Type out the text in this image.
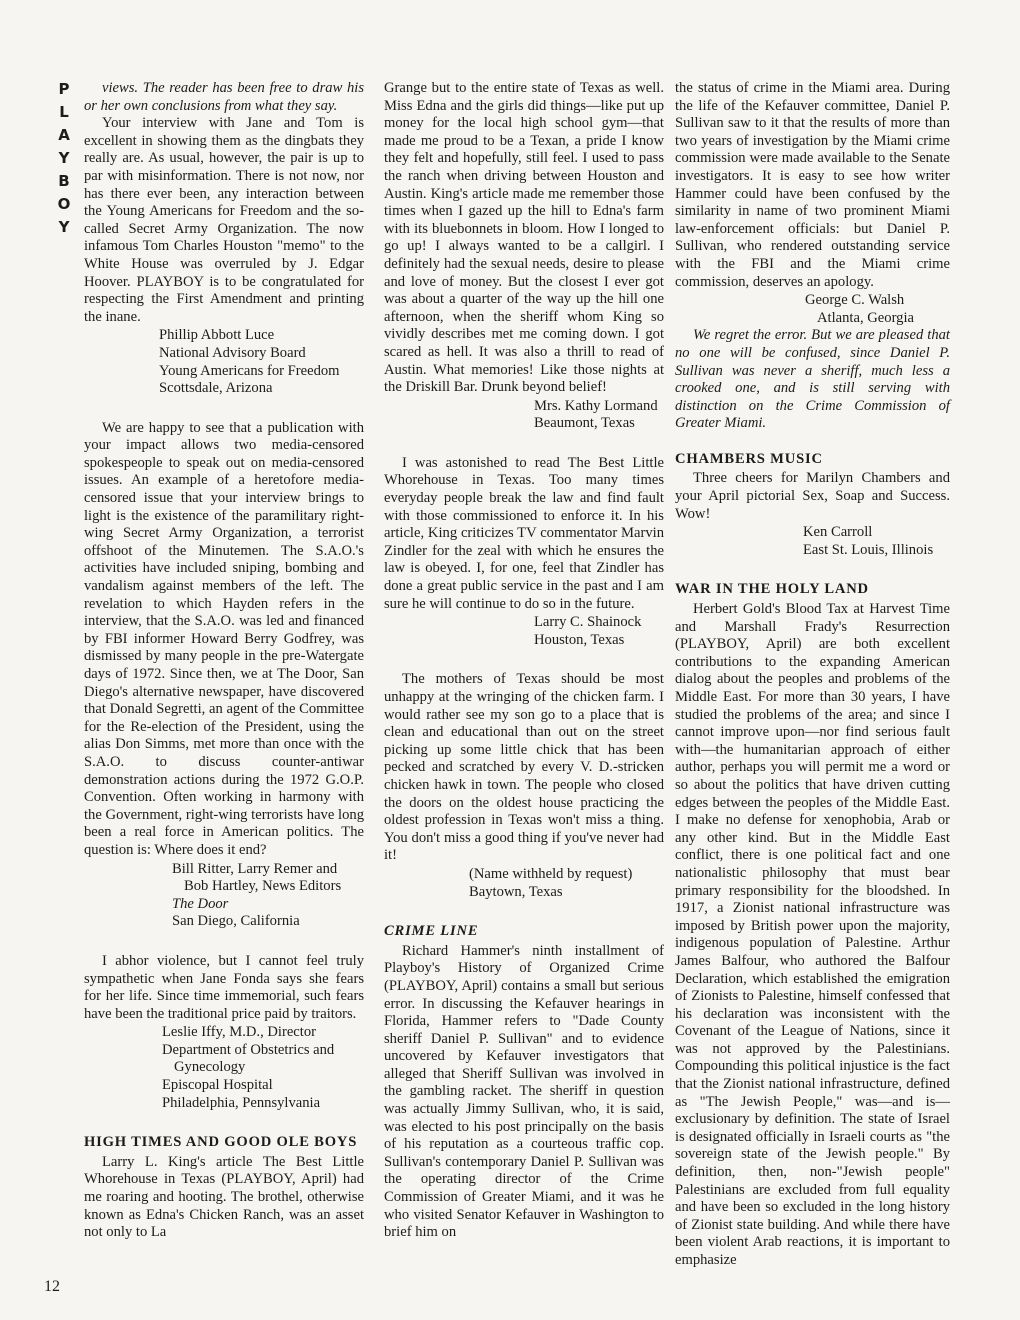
P
L
A
Y
B
O
Y
12

views. The reader has been free to draw his or her own conclusions from what they say.

Your interview with Jane and Tom is excellent in showing them as the dingbats they really are. As usual, however, the pair is up to par with misinformation. There is not now, nor has there ever been, any interaction between the Young Americans for Freedom and the so-called Secret Army Organization. The now infamous Tom Charles Houston "memo" to the White House was overruled by J. Edgar Hoover. PLAYBOY is to be congratulated for respecting the First Amendment and printing the inane.

Phillip Abbott Luce
National Advisory Board
Young Americans for Freedom
Scottsdale, Arizona

We are happy to see that a publication with your impact allows two media-censored spokespeople to speak out on media-censored issues. An example of a heretofore media-censored issue that your interview brings to light is the existence of the paramilitary right-wing Secret Army Organization, a terrorist offshoot of the Minutemen. The S.A.O.'s activities have included sniping, bombing and vandalism against members of the left. The revelation to which Hayden refers in the interview, that the S.A.O. was led and financed by FBI informer Howard Berry Godfrey, was dismissed by many people in the pre-Watergate days of 1972. Since then, we at The Door, San Diego's alternative newspaper, have discovered that Donald Segretti, an agent of the Committee for the Re-election of the President, using the alias Don Simms, met more than once with the S.A.O. to discuss counter-antiwar demonstration actions during the 1972 G.O.P. Convention. Often working in harmony with the Government, right-wing terrorists have long been a real force in American politics. The question is: Where does it end?

Bill Ritter, Larry Remer and
Bob Hartley, News Editors
The Door
San Diego, California

I abhor violence, but I cannot feel truly sympathetic when Jane Fonda says she fears for her life. Since time immemorial, such fears have been the traditional price paid by traitors.

Leslie Iffy, M.D., Director
Department of Obstetrics and
Gynecology
Episcopal Hospital
Philadelphia, Pennsylvania
HIGH TIMES AND GOOD OLE BOYS

Larry L. King's article The Best Little Whorehouse in Texas (PLAYBOY, April) had me roaring and hooting. The brothel, otherwise known as Edna's Chicken Ranch, was an asset not only to La

Grange but to the entire state of Texas as well. Miss Edna and the girls did things—like put up money for the local high school gym—that made me proud to be a Texan, a pride I know they felt and hopefully, still feel. I used to pass the ranch when driving between Houston and Austin. King's article made me remember those times when I gazed up the hill to Edna's farm with its bluebonnets in bloom. How I longed to go up! I always wanted to be a callgirl. I definitely had the sexual needs, desire to please and love of money. But the closest I ever got was about a quarter of the way up the hill one afternoon, when the sheriff whom King so vividly describes met me coming down. I got scared as hell. It was also a thrill to read of Austin. What memories! Like those nights at the Driskill Bar. Drunk beyond belief!

Mrs. Kathy Lormand
Beaumont, Texas

I was astonished to read The Best Little Whorehouse in Texas. Too many times everyday people break the law and find fault with those commissioned to enforce it. In his article, King criticizes TV commentator Marvin Zindler for the zeal with which he ensures the law is obeyed. I, for one, feel that Zindler has done a great public service in the past and I am sure he will continue to do so in the future.

Larry C. Shainock
Houston, Texas

The mothers of Texas should be most unhappy at the wringing of the chicken farm. I would rather see my son go to a place that is clean and educational than out on the street picking up some little chick that has been pecked and scratched by every V. D.-stricken chicken hawk in town. The people who closed the doors on the oldest house practicing the oldest profession in Texas won't miss a thing. You don't miss a good thing if you've never had it!

(Name withheld by request)
Baytown, Texas
CRIME LINE

Richard Hammer's ninth installment of Playboy's History of Organized Crime (PLAYBOY, April) contains a small but serious error. In discussing the Kefauver hearings in Florida, Hammer refers to "Dade County sheriff Daniel P. Sullivan" and to evidence uncovered by Kefauver investigators that alleged that Sheriff Sullivan was involved in the gambling racket. The sheriff in question was actually Jimmy Sullivan, who, it is said, was elected to his post principally on the basis of his reputation as a courteous traffic cop. Sullivan's contemporary Daniel P. Sullivan was the operating director of the Crime Commission of Greater Miami, and it was he who visited Senator Kefauver in Washington to brief him on

the status of crime in the Miami area. During the life of the Kefauver committee, Daniel P. Sullivan saw to it that the results of more than two years of investigation by the Miami crime commission were made available to the Senate investigators. It is easy to see how writer Hammer could have been confused by the similarity in name of two prominent Miami law-enforcement officials: but Daniel P. Sullivan, who rendered outstanding service with the FBI and the Miami crime commission, deserves an apology.

George C. Walsh
Atlanta, Georgia

We regret the error. But we are pleased that no one will be confused, since Daniel P. Sullivan was never a sheriff, much less a crooked one, and is still serving with distinction on the Crime Commission of Greater Miami.

CHAMBERS MUSIC

Three cheers for Marilyn Chambers and your April pictorial Sex, Soap and Success. Wow!

Ken Carroll
East St. Louis, Illinois
WAR IN THE HOLY LAND

Herbert Gold's Blood Tax at Harvest Time and Marshall Frady's Resurrection (PLAYBOY, April) are both excellent contributions to the expanding American dialog about the peoples and problems of the Middle East. For more than 30 years, I have studied the problems of the area; and since I cannot improve upon—nor find serious fault with—the humanitarian approach of either author, perhaps you will permit me a word or so about the politics that have driven cutting edges between the peoples of the Middle East. I make no defense for xenophobia, Arab or any other kind. But in the Middle East conflict, there is one political fact and one nationalistic philosophy that must bear primary responsibility for the bloodshed. In 1917, a Zionist national infrastructure was imposed by British power upon the majority, indigenous population of Palestine. Arthur James Balfour, who authored the Balfour Declaration, which established the emigration of Zionists to Palestine, himself confessed that his declaration was inconsistent with the Covenant of the League of Nations, since it was not approved by the Palestinians. Compounding this political injustice is the fact that the Zionist national infrastructure, defined as "The Jewish People," was—and is—exclusionary by definition. The state of Israel is designated officially in Israeli courts as "the sovereign state of the Jewish people." By definition, then, non-"Jewish people" Palestinians are excluded from full equality and have been so excluded in the long history of Zionist state building. And while there have been violent Arab reactions, it is important to emphasize
